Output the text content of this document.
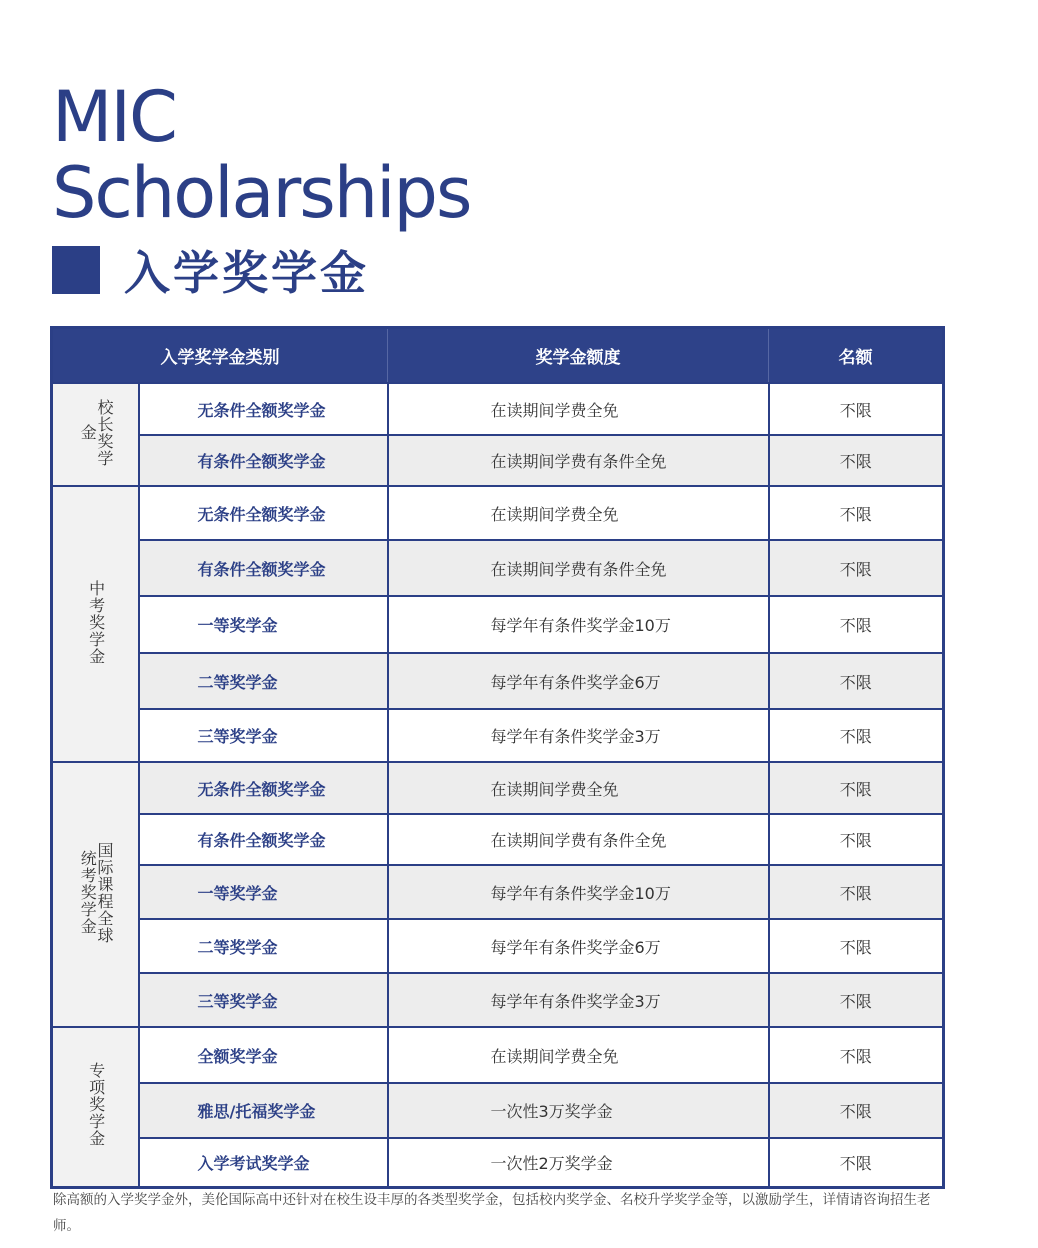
MIC
Scholarships
入学奖学金
入学奖学金类别		奖学金额度	名额
校长奖学金	无条件全额奖学金	在读期间学费全免	不限
	有条件全额奖学金	在读期间学费有条件全免	不限
中考奖学金	无条件全额奖学金	在读期间学费全免	不限
	有条件全额奖学金	在读期间学费有条件全免	不限
	一等奖学金	每学年有条件奖学金10万	不限
	二等奖学金	每学年有条件奖学金6万	不限
	三等奖学金	每学年有条件奖学金3万	不限
国际课程全球统考奖学金	无条件全额奖学金	在读期间学费全免	不限
	有条件全额奖学金	在读期间学费有条件全免	不限
	一等奖学金	每学年有条件奖学金10万	不限
	二等奖学金	每学年有条件奖学金6万	不限
	三等奖学金	每学年有条件奖学金3万	不限
专项奖学金	全额奖学金	在读期间学费全免	不限
	雅思/托福奖学金	一次性3万奖学金	不限
	入学考试奖学金	一次性2万奖学金	不限

除高额的入学奖学金外，美伦国际高中还针对在校生设丰厚的各类型奖学金，包括校内奖学金、名校升学奖学金等，以激励学生，详情请咨询招生老师。
